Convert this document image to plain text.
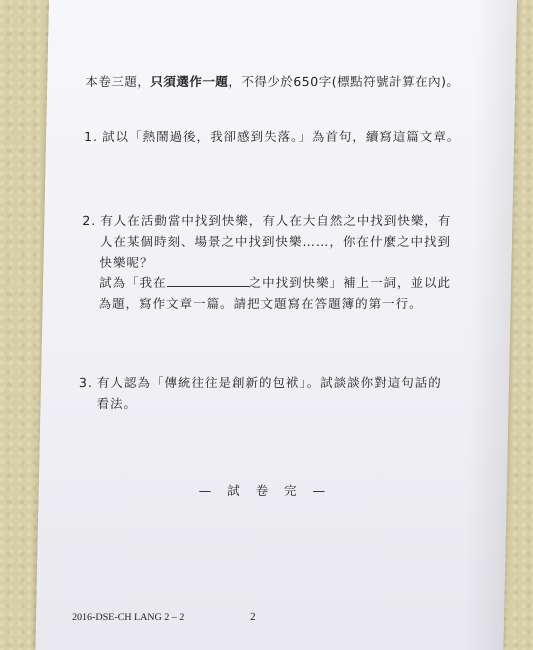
本卷三題，只須選作一題，不得少於650字(標點符號計算在內)。
1. 試以「熱鬧過後，我卻感到失落。」為首句，續寫這篇文章。
2. 有人在活動當中找到快樂，有人在大自然之中找到快樂，有
人在某個時刻、場景之中找到快樂……，你在什麼之中找到
快樂呢？
試為「我在	之中找到快樂」補上一詞，並以此
為題，寫作文章一篇。請把文題寫在答題簿的第一行。
3. 有人認為「傳統往往是創新的包袱」。試談談你對這句話的
看法。
— 試 卷 完 —
2016-DSE-CH LANG 2 – 2	2
